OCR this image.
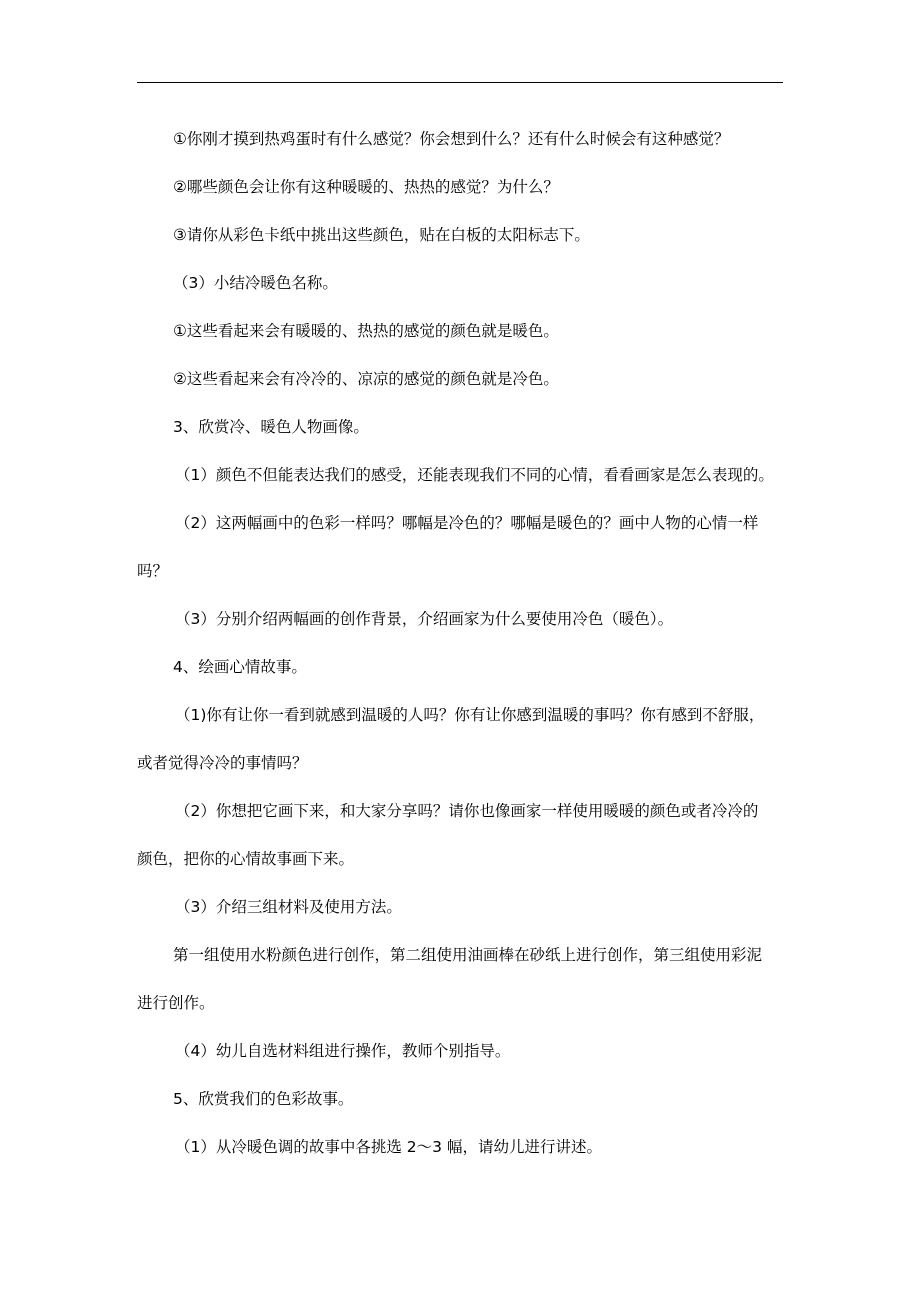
①你刚才摸到热鸡蛋时有什么感觉？你会想到什么？还有什么时候会有这种感觉？
②哪些颜色会让你有这种暖暖的、热热的感觉？为什么？
③请你从彩色卡纸中挑出这些颜色，贴在白板的太阳标志下。
（3）小结冷暖色名称。
①这些看起来会有暖暖的、热热的感觉的颜色就是暖色。
②这些看起来会有冷冷的、凉凉的感觉的颜色就是冷色。
3、欣赏冷、暖色人物画像。
（1）颜色不但能表达我们的感受，还能表现我们不同的心情，看看画家是怎么表现的。
（2）这两幅画中的色彩一样吗？哪幅是冷色的？哪幅是暖色的？画中人物的心情一样
吗？
（3）分别介绍两幅画的创作背景，介绍画家为什么要使用冷色（暖色）。
4、绘画心情故事。
（1)你有让你一看到就感到温暖的人吗？你有让你感到温暖的事吗？你有感到不舒服，
或者觉得冷冷的事情吗？
（2）你想把它画下来，和大家分享吗？请你也像画家一样使用暖暖的颜色或者冷冷的
颜色，把你的心情故事画下来。
（3）介绍三组材料及使用方法。
第一组使用水粉颜色进行创作，第二组使用油画棒在砂纸上进行创作，第三组使用彩泥
进行创作。
（4）幼儿自选材料组进行操作，教师个别指导。
5、欣赏我们的色彩故事。
（1）从冷暖色调的故事中各挑选 2～3 幅，请幼儿进行讲述。
